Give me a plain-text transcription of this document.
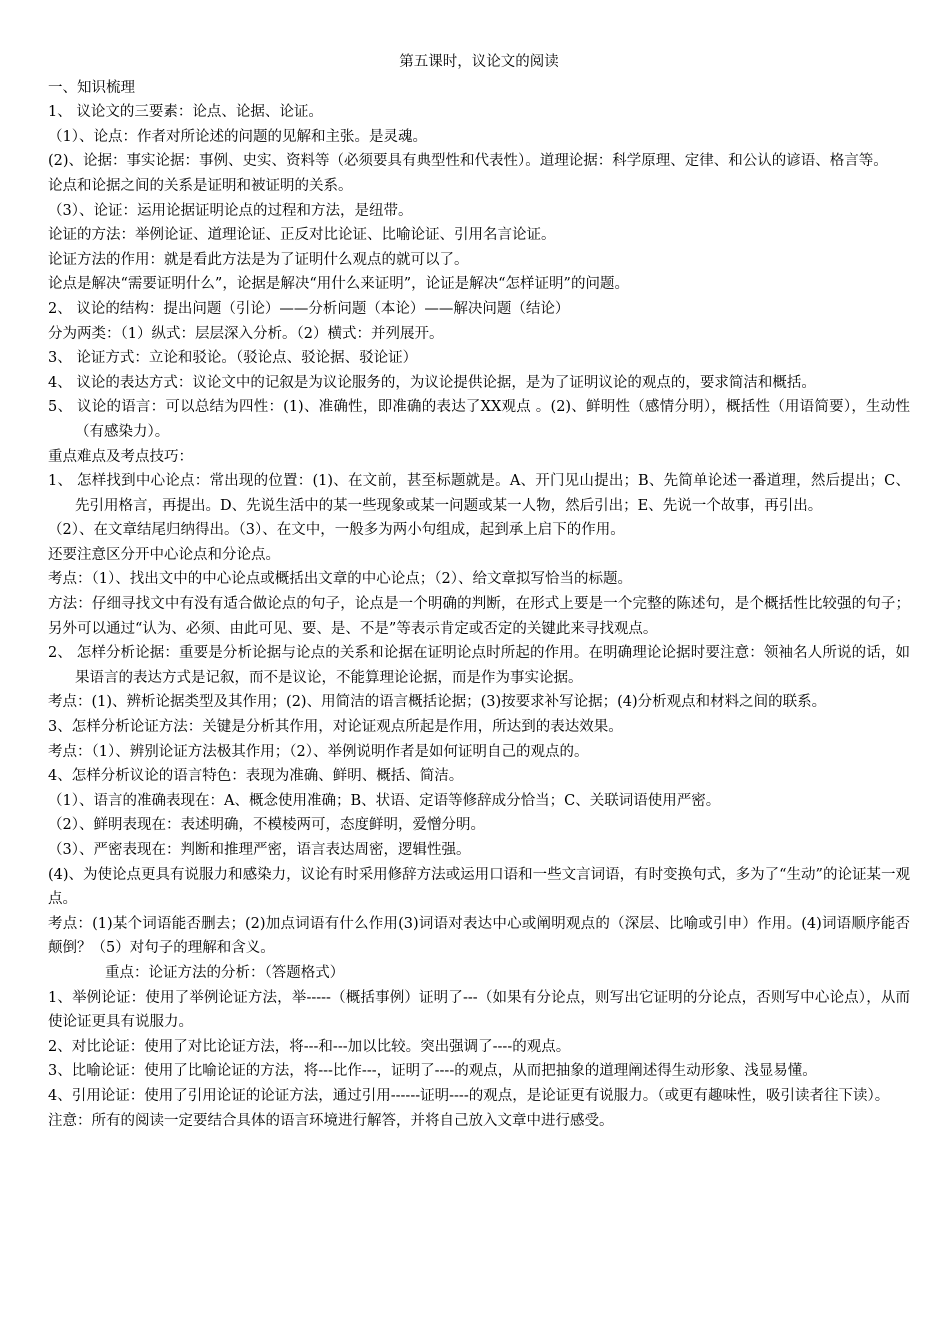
第五课时，议论文的阅读

一、知识梳理

1、 议论文的三要素：论点、论据、论证。

（1）、论点：作者对所论述的问题的见解和主张。是灵魂。

(2)、论据：事实论据：事例、史实、资料等（必须要具有典型性和代表性）。道理论据：科学原理、定律、和公认的谚语、格言等。

论点和论据之间的关系是证明和被证明的关系。

（3）、论证：运用论据证明论点的过程和方法，是纽带。

论证的方法：举例论证、道理论证、正反对比论证、比喻论证、引用名言论证。

论证方法的作用：就是看此方法是为了证明什么观点的就可以了。

论点是解决“需要证明什么”，论据是解决“用什么来证明”，论证是解决“怎样证明”的问题。

2、 议论的结构：提出问题（引论）——分析问题（本论）——解决问题（结论）

分为两类：（1）纵式：层层深入分析。（2）横式：并列展开。

3、 论证方式：立论和驳论。（驳论点、驳论据、驳论证）

4、 议论的表达方式：议论文中的记叙是为议论服务的，为议论提供论据，是为了证明议论的观点的，要求简洁和概括。

5、 议论的语言：可以总结为四性：(1)、准确性，即准确的表达了XX观点 。(2)、鲜明性（感情分明），概括性（用语简要），生动性（有感染力）。

重点难点及考点技巧：

1、 怎样找到中心论点：常出现的位置：(1)、在文前，甚至标题就是。A、开门见山提出；B、先简单论述一番道理，然后提出；C、先引用格言，再提出。D、先说生活中的某一些现象或某一问题或某一人物，然后引出；E、先说一个故事，再引出。

（2）、在文章结尾归纳得出。（3）、在文中，一般多为两小句组成，起到承上启下的作用。

还要注意区分开中心论点和分论点。

考点：（1）、找出文中的中心论点或概括出文章的中心论点；（2）、给文章拟写恰当的标题。

方法：仔细寻找文中有没有适合做论点的句子，论点是一个明确的判断，在形式上要是一个完整的陈述句，是个概括性比较强的句子；另外可以通过“认为、必须、由此可见、要、是、不是”等表示肯定或否定的关键此来寻找观点。

2、 怎样分析论据：重要是分析论据与论点的关系和论据在证明论点时所起的作用。在明确理论论据时要注意：领袖名人所说的话，如果语言的表达方式是记叙，而不是议论，不能算理论论据，而是作为事实论据。

考点：(1)、辨析论据类型及其作用；(2)、用简洁的语言概括论据；(3)按要求补写论据；(4)分析观点和材料之间的联系。

3、怎样分析论证方法：关键是分析其作用，对论证观点所起是作用，所达到的表达效果。

考点：（1）、辨别论证方法极其作用；（2）、举例说明作者是如何证明自己的观点的。

4、怎样分析议论的语言特色：表现为准确、鲜明、概括、简洁。

（1）、语言的准确表现在：A、概念使用准确；B、状语、定语等修辞成分恰当；C、关联词语使用严密。

（2）、鲜明表现在：表述明确，不模棱两可，态度鲜明，爱憎分明。

（3）、严密表现在：判断和推理严密，语言表达周密，逻辑性强。

(4)、为使论点更具有说服力和感染力，议论有时采用修辞方法或运用口语和一些文言词语，有时变换句式，多为了“生动”的论证某一观点。

考点：(1)某个词语能否删去；(2)加点词语有什么作用(3)词语对表达中心或阐明观点的（深层、比喻或引申）作用。(4)词语顺序能否颠倒？（5）对句子的理解和含义。

重点：论证方法的分析：（答题格式）

1、举例论证：使用了举例论证方法，举-----（概括事例）证明了---（如果有分论点，则写出它证明的分论点，否则写中心论点），从而使论证更具有说服力。

2、对比论证：使用了对比论证方法，将---和---加以比较。突出强调了----的观点。

3、比喻论证：使用了比喻论证的方法，将---比作---，证明了----的观点，从而把抽象的道理阐述得生动形象、浅显易懂。

4、引用论证：使用了引用论证的论证方法，通过引用------证明----的观点，是论证更有说服力。（或更有趣味性，吸引读者往下读）。

注意：所有的阅读一定要结合具体的语言环境进行解答，并将自己放入文章中进行感受。
